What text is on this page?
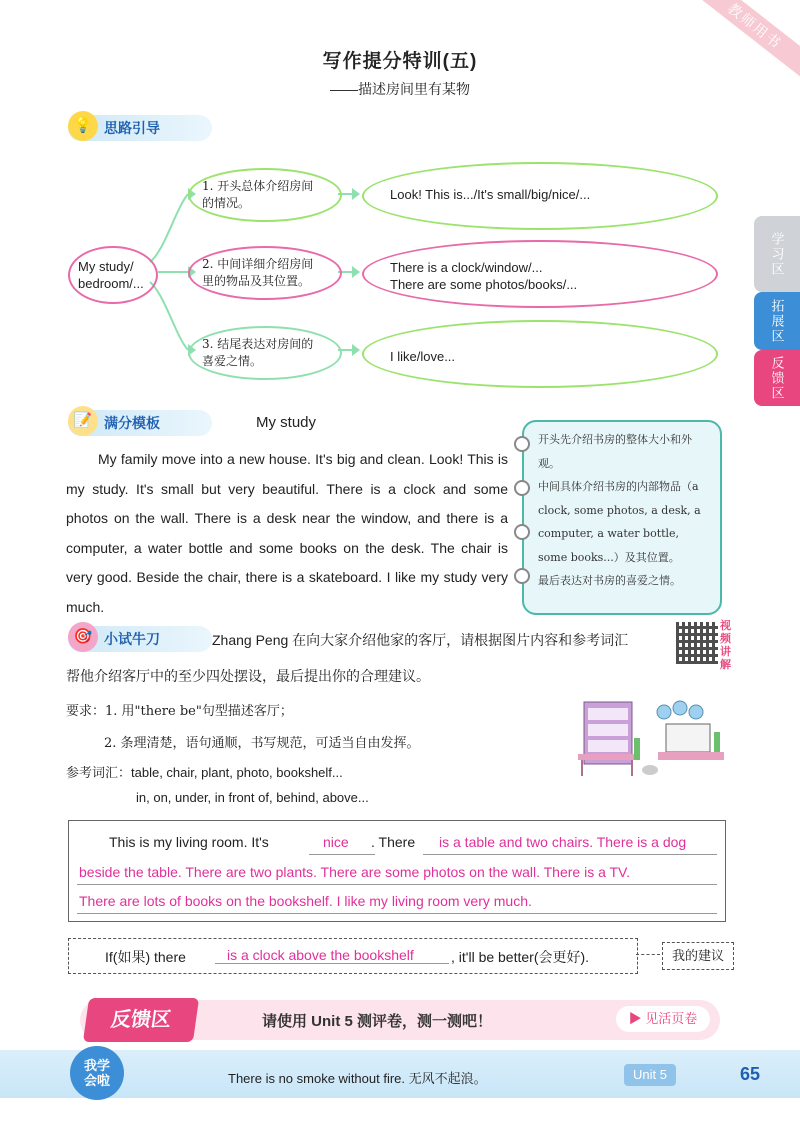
教师用书
写作提分特训(五)
——描述房间里有某物
💡 思路引导
My study/
bedroom/...
1. 开头总体介绍房间
的情况。
Look! This is.../It's small/big/nice/...
2. 中间详细介绍房间
里的物品及其位置。
There is a clock/window/...
There are some photos/books/...
3. 结尾表达对房间的
喜爱之情。	I like/love...
学习区
拓展区
反馈区
📝 满分模板	My study
My family move into a new house. It's big and clean. Look! This is my study. It's small but very beautiful. There is a clock and some photos on the wall. There is a desk near the window, and there is a computer, a water bottle and some books on the desk. The chair is very good. Beside the chair, there is a skateboard. I like my study very much.
开头先介绍书房的整体大小和外观。
中间具体介绍书房的内部物品（a clock, some photos, a desk, a computer, a water bottle, some books...）及其位置。
最后表达对书房的喜爱之情。
🎯 小试牛刀	Zhang Peng 在向大家介绍他家的客厅，请根据图片内容和参考词汇
帮他介绍客厅中的至少四处摆设，最后提出你的合理建议。
视频讲解
要求：1. 用"there be"句型描述客厅；
2. 条理清楚，语句通顺，书写规范，可适当自由发挥。
参考词汇：table, chair, plant, photo, bookshelf...
in, on, under, in front of, behind, above...
This is my living room. It's	nice . There is a table and two chairs. There is a dog
beside the table. There are two plants. There are some photos on the wall. There is a TV.
There are lots of books on the bookshelf. I like my living room very much.
If(如果) there	is a clock above the bookshelf	, it'll be better(会更好).	我的建议
反馈区	请使用 Unit 5 测评卷，测一测吧！	▶ 见活页卷
我学会啦	There is no smoke without fire. 无风不起浪。	Unit 5	65
